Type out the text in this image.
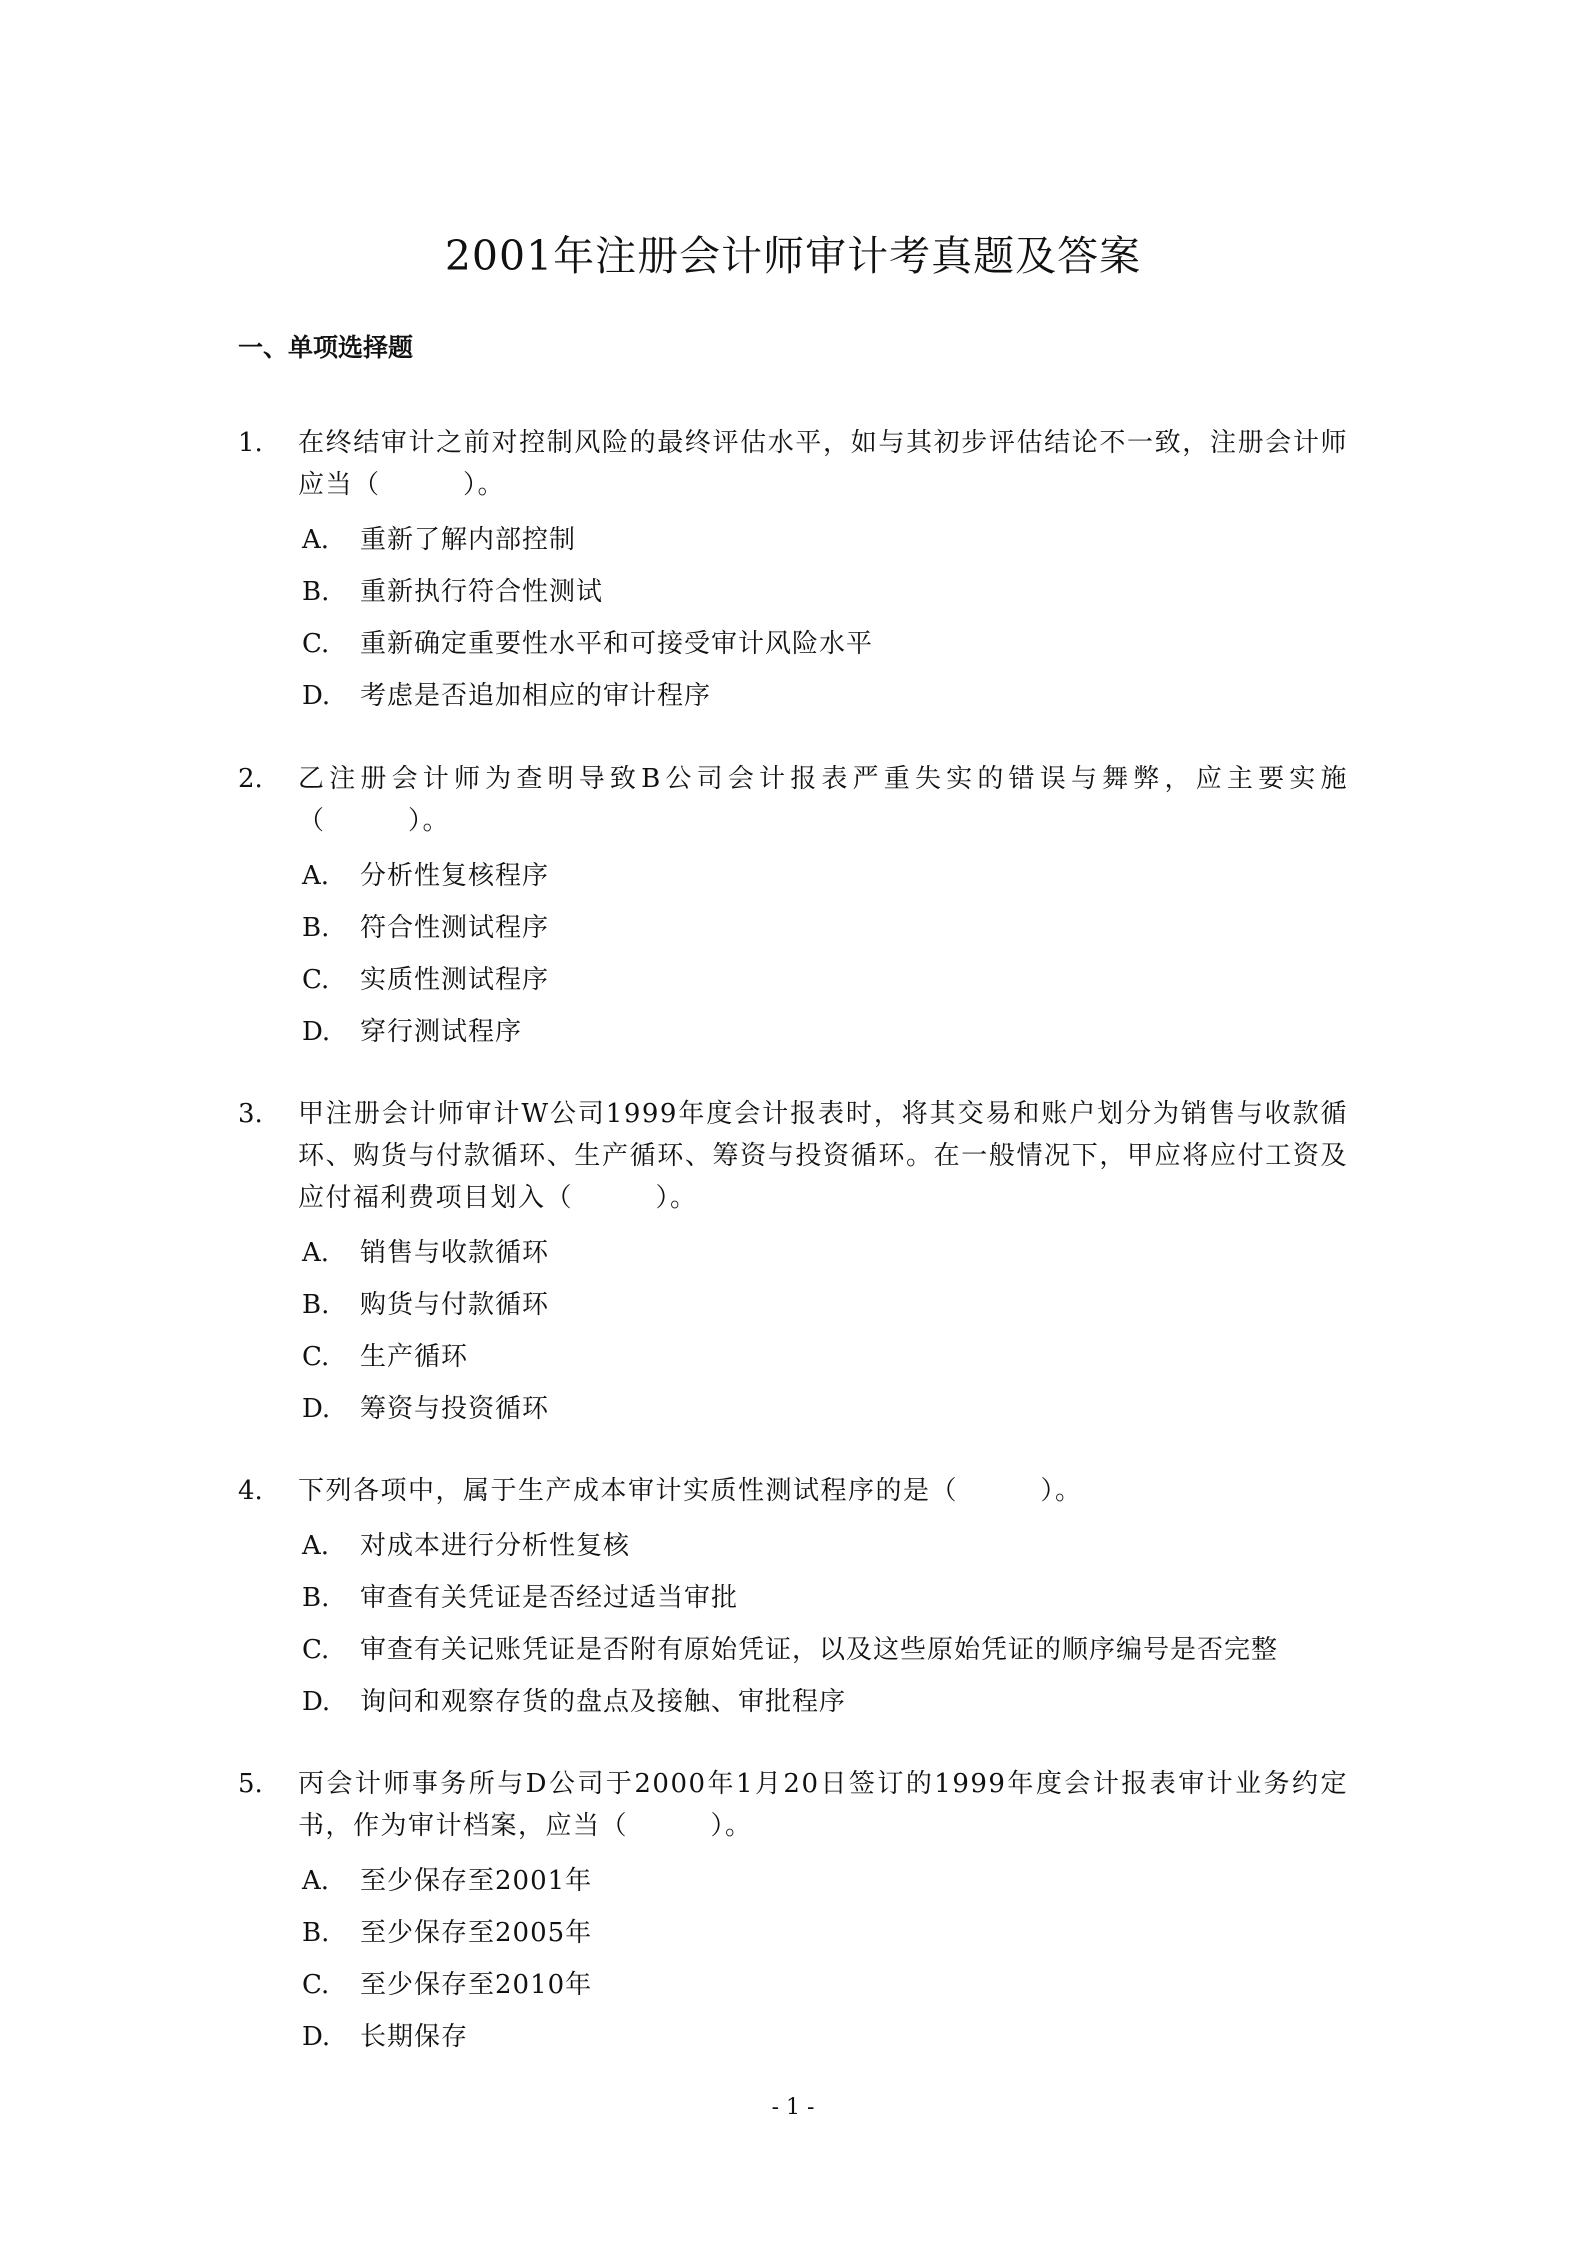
2001年注册会计师审计考真题及答案
一、单项选择题
1. 在终结审计之前对控制风险的最终评估水平，如与其初步评估结论不一致，注册会计师应当（　　　）。
A. 重新了解内部控制
B. 重新执行符合性测试
C. 重新确定重要性水平和可接受审计风险水平
D. 考虑是否追加相应的审计程序
2. 乙注册会计师为查明导致B公司会计报表严重失实的错误与舞弊，应主要实施（　　　）。
A. 分析性复核程序
B. 符合性测试程序
C. 实质性测试程序
D. 穿行测试程序
3. 甲注册会计师审计W公司1999年度会计报表时，将其交易和账户划分为销售与收款循环、购货与付款循环、生产循环、筹资与投资循环。在一般情况下，甲应将应付工资及应付福利费项目划入（　　　）。
A. 销售与收款循环
B. 购货与付款循环
C. 生产循环
D. 筹资与投资循环
4. 下列各项中，属于生产成本审计实质性测试程序的是（　　　）。
A. 对成本进行分析性复核
B. 审查有关凭证是否经过适当审批
C. 审查有关记账凭证是否附有原始凭证，以及这些原始凭证的顺序编号是否完整
D. 询问和观察存货的盘点及接触、审批程序
5. 丙会计师事务所与D公司于2000年1月20日签订的1999年度会计报表审计业务约定书，作为审计档案，应当（　　　）。
A. 至少保存至2001年
B. 至少保存至2005年
C. 至少保存至2010年
D. 长期保存
- 1 -
